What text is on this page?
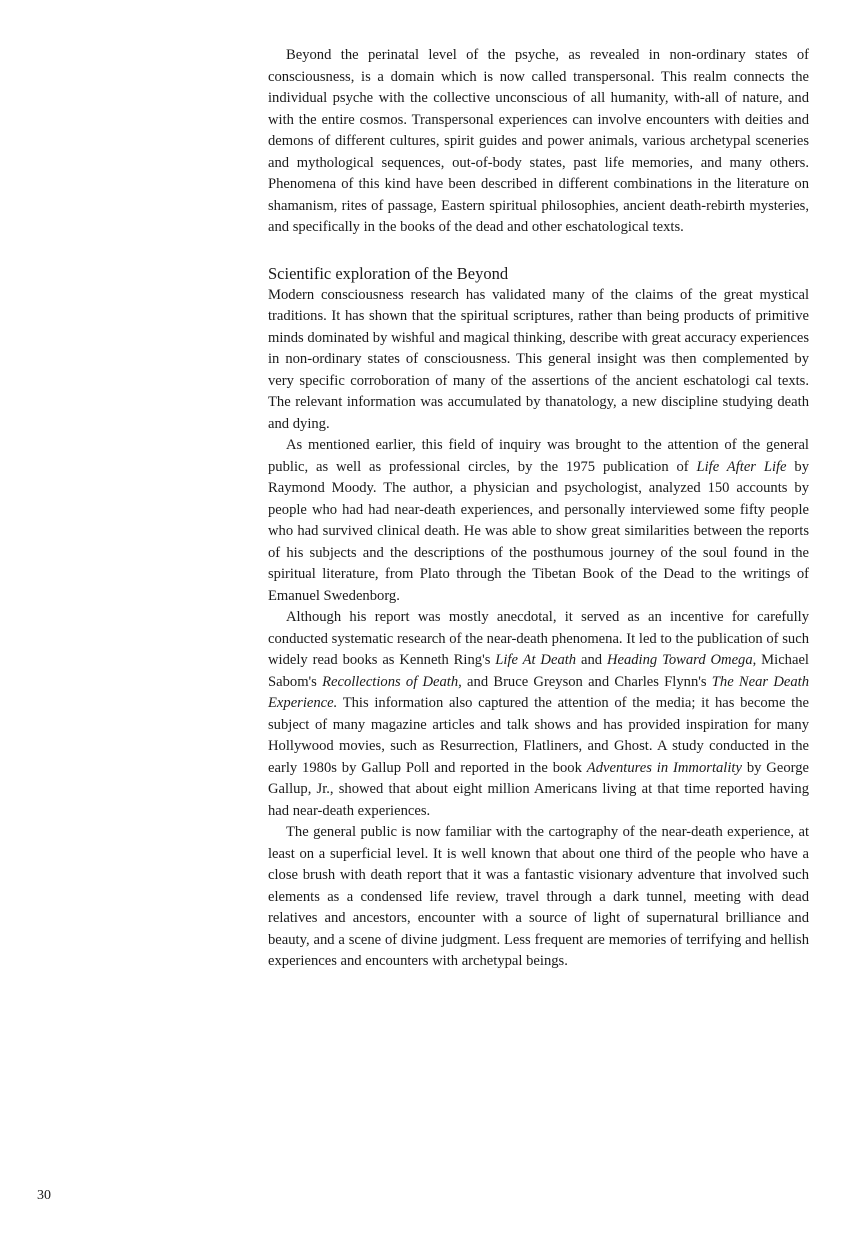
Beyond the perinatal level of the psyche, as revealed in non-ordinary states of consciousness, is a domain which is now called transpersonal. This realm connects the individual psyche with the collective unconscious of all humanity, with-all of nature, and with the entire cosmos. Transpersonal experiences can involve encounters with deities and demons of different cultures, spirit guides and power animals, various archetypal sceneries and mythological sequences, out-of-body states, past life memories, and many others. Phenomena of this kind have been described in different combinations in the literature on shamanism, rites of passage, Eastern spiritual philosophies, ancient death-rebirth mysteries, and specifically in the books of the dead and other eschatological texts.

Scientific exploration of the Beyond

Modern consciousness research has validated many of the claims of the great mystical traditions. It has shown that the spiritual scriptures, rather than being products of primitive minds dominated by wishful and magical thinking, describe with great accuracy experiences in non-ordinary states of consciousness. This general insight was then complemented by very specific corroboration of many of the assertions of the ancient eschatologi cal texts. The relevant information was accumulated by thanatology, a new discipline studying death and dying.

As mentioned earlier, this field of inquiry was brought to the attention of the general public, as well as professional circles, by the 1975 publication of Life After Life by Raymond Moody. The author, a physician and psychologist, analyzed 150 accounts by people who had had near-death experiences, and personally interviewed some fifty people who had survived clinical death. He was able to show great similarities between the reports of his subjects and the descriptions of the posthumous journey of the soul found in the spiritual literature, from Plato through the Tibetan Book of the Dead to the writings of Emanuel Swedenborg.

Although his report was mostly anecdotal, it served as an incentive for carefully conducted systematic research of the near-death phenomena. It led to the publication of such widely read books as Kenneth Ring's Life At Death and Heading Toward Omega, Michael Sabom's Recollections of Death, and Bruce Greyson and Charles Flynn's The Near Death Experience. This information also captured the attention of the media; it has become the subject of many magazine articles and talk shows and has provided inspiration for many Hollywood movies, such as Resurrection, Flatliners, and Ghost. A study conducted in the early 1980s by Gallup Poll and reported in the book Adventures in Immortality by George Gallup, Jr., showed that about eight million Americans living at that time reported having had near-death experiences.

The general public is now familiar with the cartography of the near-death experience, at least on a superficial level. It is well known that about one third of the people who have a close brush with death report that it was a fantastic visionary adventure that involved such elements as a condensed life review, travel through a dark tunnel, meeting with dead relatives and ancestors, encounter with a source of light of supernatural brilliance and beauty, and a scene of divine judgment. Less frequent are memories of terrifying and hellish experiences and encounters with archetypal beings.

30
